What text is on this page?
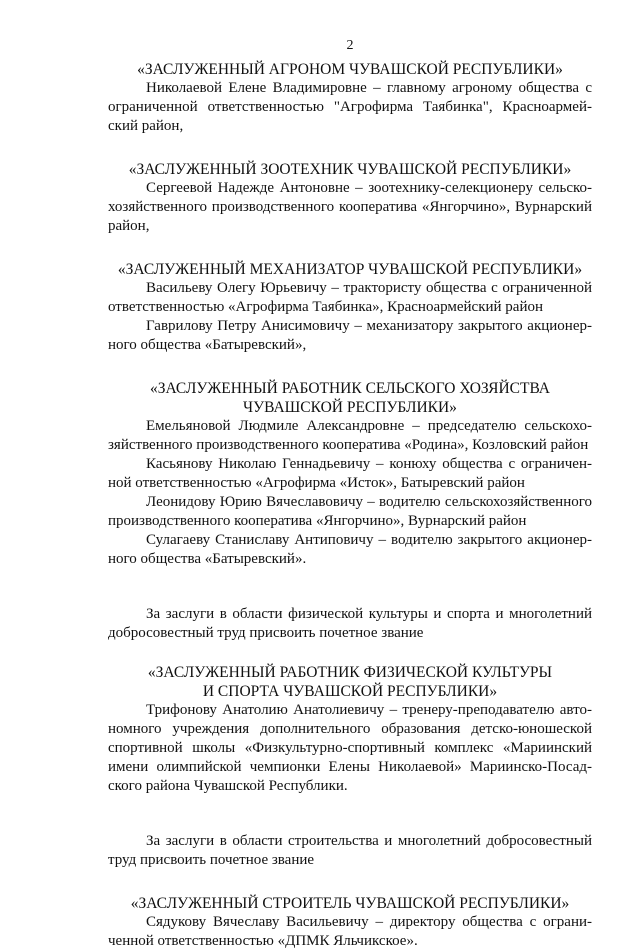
2

«ЗАСЛУЖЕННЫЙ АГРОНОМ ЧУВАШСКОЙ РЕСПУБЛИКИ»

Николаевой Елене Владимировне – главному агроному общества с ограниченной ответственностью "Агрофирма Таябинка", Красноармейский район,

«ЗАСЛУЖЕННЫЙ ЗООТЕХНИК ЧУВАШСКОЙ РЕСПУБЛИКИ»

Сергеевой Надежде Антоновне – зоотехнику-селекционеру сельскохозяйственного производственного кооператива «Янгорчино», Вурнарский район,

«ЗАСЛУЖЕННЫЙ МЕХАНИЗАТОР ЧУВАШСКОЙ РЕСПУБЛИКИ»

Васильеву Олегу Юрьевичу – трактористу общества с ограниченной ответственностью «Агрофирма Таябинка», Красноармейский район

Гаврилову Петру Анисимовичу – механизатору закрытого акционерного общества «Батыревский»,

«ЗАСЛУЖЕННЫЙ РАБОТНИК СЕЛЬСКОГО ХОЗЯЙСТВА

ЧУВАШСКОЙ РЕСПУБЛИКИ»

Емельяновой Людмиле Александровне – председателю сельскохозяйственного производственного кооператива «Родина», Козловский район

Касьянову Николаю Геннадьевичу – конюху общества с ограниченной ответственностью «Агрофирма «Исток», Батыревский район

Леонидову Юрию Вячеславовичу – водителю сельскохозяйственного производственного кооператива «Янгорчино», Вурнарский район

Сулагаеву Станиславу Антиповичу – водителю закрытого акционерного общества «Батыревский».

За заслуги в области физической культуры и спорта и многолетний добросовестный труд присвоить почетное звание

«ЗАСЛУЖЕННЫЙ РАБОТНИК ФИЗИЧЕСКОЙ КУЛЬТУРЫ

И СПОРТА ЧУВАШСКОЙ РЕСПУБЛИКИ»

Трифонову Анатолию Анатолиевичу – тренеру-преподавателю автономного учреждения дополнительного образования детско-юношеской спортивной школы «Физкультурно-спортивный комплекс «Мариинский имени олимпийской чемпионки Елены Николаевой» Мариинско-Посадского района Чувашской Республики.

За заслуги в области строительства и многолетний добросовестный труд присвоить почетное звание

«ЗАСЛУЖЕННЫЙ СТРОИТЕЛЬ ЧУВАШСКОЙ РЕСПУБЛИКИ»

Сядукову Вячеславу Васильевичу – директору общества с ограниченной ответственностью «ДПМК Яльчикское».
